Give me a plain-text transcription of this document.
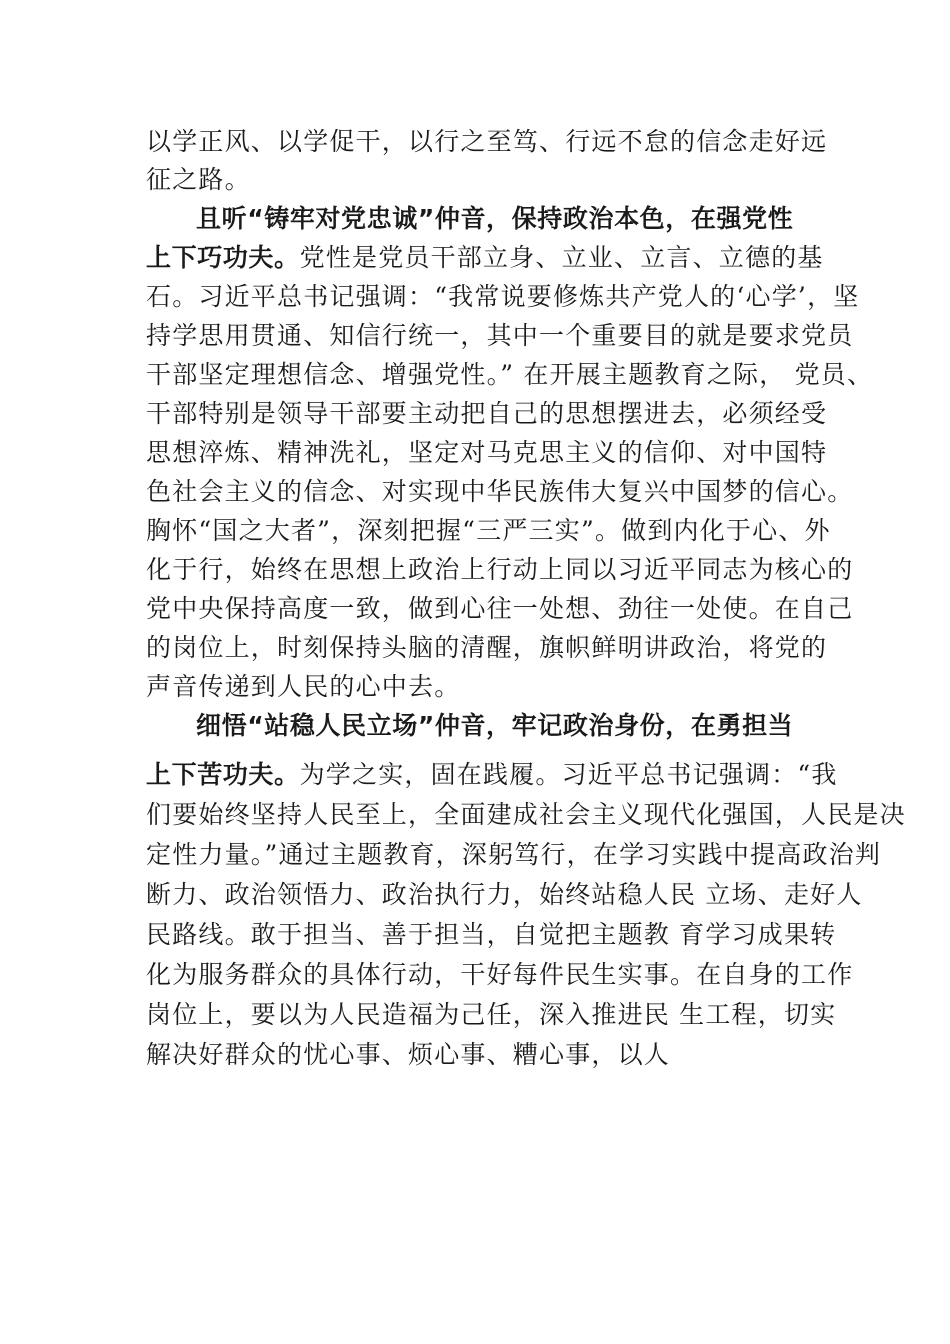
以学正风、以学促干，以行之至笃、行远不怠的信念走好远
征之路。
且听“铸牢对党忠诚”仲音，保持政治本色，在强党性
上下巧功夫。党性是党员干部立身、立业、立言、立德的基
石。习近平总书记强调：“我常说要修炼共产党人的‘心学’，坚
持学思用贯通、知信行统一，其中一个重要目的就是要求党员
干部坚定理想信念、增强党性。” 在开展主题教育之际， 党员、
干部特别是领导干部要主动把自己的思想摆进去，必须经受
思想淬炼、精神洗礼，坚定对马克思主义的信仰、对中国特
色社会主义的信念、对实现中华民族伟大复兴中国梦的信心。
胸怀“国之大者”，深刻把握“三严三实”。做到内化于心、外
化于行，始终在思想上政治上行动上同以习近平同志为核心的
党中央保持高度一致，做到心往一处想、劲往一处使。在自己
的岗位上，时刻保持头脑的清醒，旗帜鲜明讲政治，将党的
声音传递到人民的心中去。
细悟“站稳人民立场”仲音，牢记政治身份，在勇担当
上下苦功夫。为学之实，固在践履。习近平总书记强调：“我
们要始终坚持人民至上，全面建成社会主义现代化强国，人民是决
定性力量。”通过主题教育，深躬笃行，在学习实践中提高政治判
断力、政治领悟力、政治执行力，始终站稳人民 立场、走好人
民路线。敢于担当、善于担当，自觉把主题教 育学习成果转
化为服务群众的具体行动，干好每件民生实事。在自身的工作
岗位上，要以为人民造福为己任，深入推进民 生工程，切实
解决好群众的忧心事、烦心事、糟心事，以人
